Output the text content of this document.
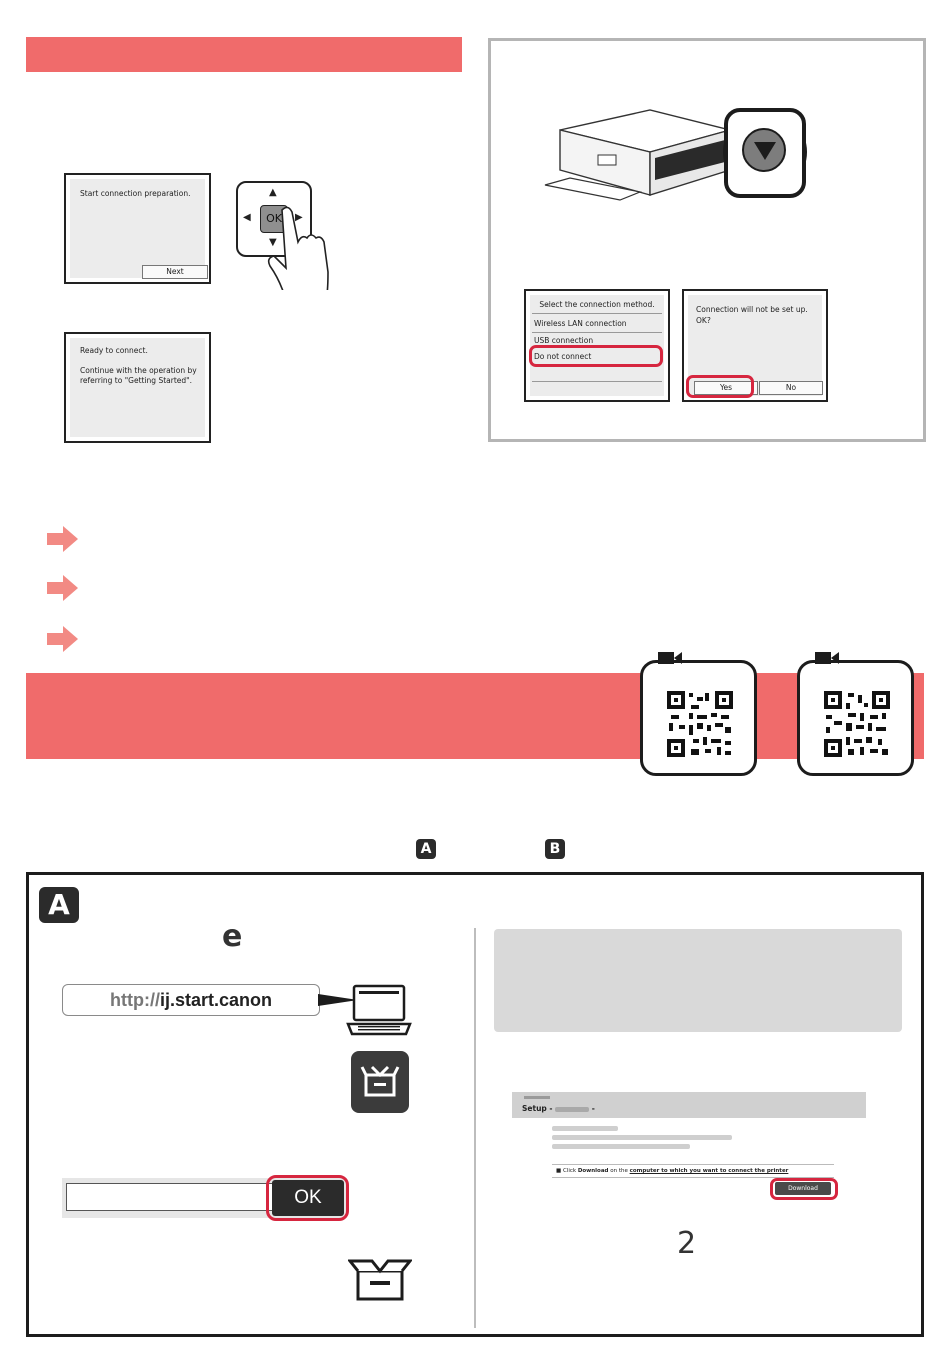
Start connection preparation.
Next
▲
▼
◀	▶
OK
Ready to connect.
Continue with the operation by
referring to "Getting Started".
Select the connection method.
Wireless LAN connection
USB connection
Do not connect
Connection will not be set up.
OK?
Yes	No
A	B
A
e
http://ij.start.canon
OK
Setup -	-
■ Click Download on the computer to which you want to connect the printer
Download
2
